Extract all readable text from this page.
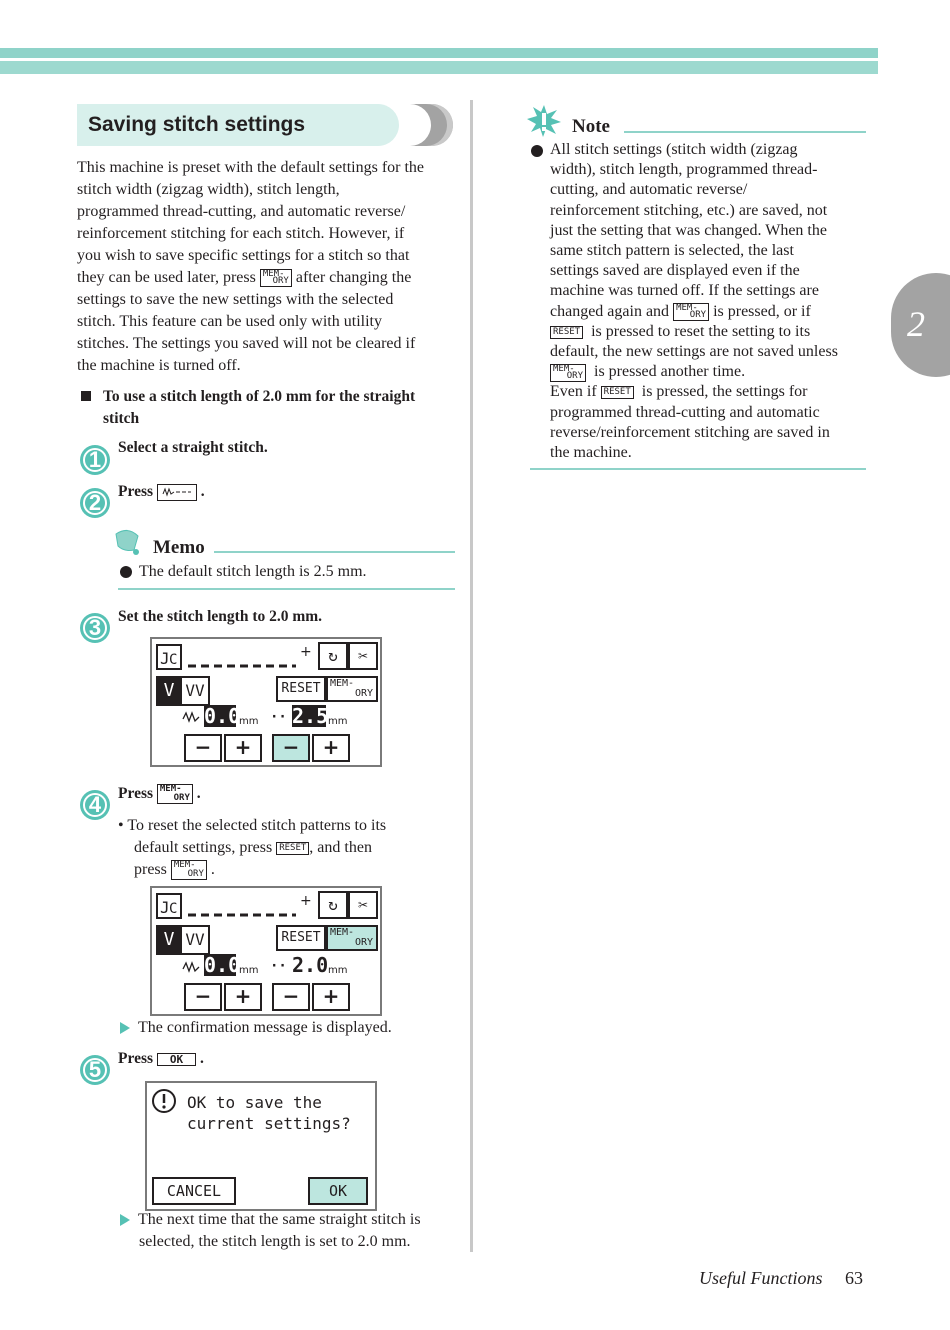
2
Saving stitch settings
This machine is preset with the default settings for the
stitch width (zigzag width), stitch length,
programmed thread-cutting, and automatic reverse/
reinforcement stitching for each stitch. However, if
you wish to save specific settings for a stitch so that
they can be used later, press MEM-
ORY after changing the
settings to save the new settings with the selected
stitch. This feature can be used only with utility
stitches. The settings you saved will not be cleared if
the machine is turned off.
To use a stitch length of 2.0 mm for the straight
stitch
1	Select a straight stitch.
2	Press	.
Memo
The default stitch length is 2.5 mm.
3	Set the stitch length to 2.0 mm.
J C	+	↻	✂
V VV	RESET MEM-
ORY
0.0
mm ·· 2.5 mm
−	+	−	+
4	Press MEM-
ORY .
• To reset the selected stitch patterns to its
default settings, press RESET , and then
press MEM-
ORY .
J C	+	↻	✂
V VV	RESET MEM-
ORY
0.0
mm ·· 2.0 mm
−	+	−	+
The confirmation message is displayed.
5	Press OK .
OK to save the
current settings?
CANCEL	OK
The next time that the same straight stitch is
selected, the stitch length is set to 2.0 mm.
Note
All stitch settings (stitch width (zigzag
width), stitch length, programmed thread-
cutting, and automatic reverse/
reinforcement stitching, etc.) are saved, not
just the setting that was changed. When the
same stitch pattern is selected, the last
settings saved are displayed even if the
machine was turned off. If the settings are
changed again and MEM-
ORY is pressed, or if
RESET is pressed to reset the setting to its
default, the new settings are not saved unless
MEM-
ORY is pressed another time.
Even if RESET is pressed, the settings for
programmed thread-cutting and automatic
reverse/reinforcement stitching are saved in
the machine.
Useful Functions 63
